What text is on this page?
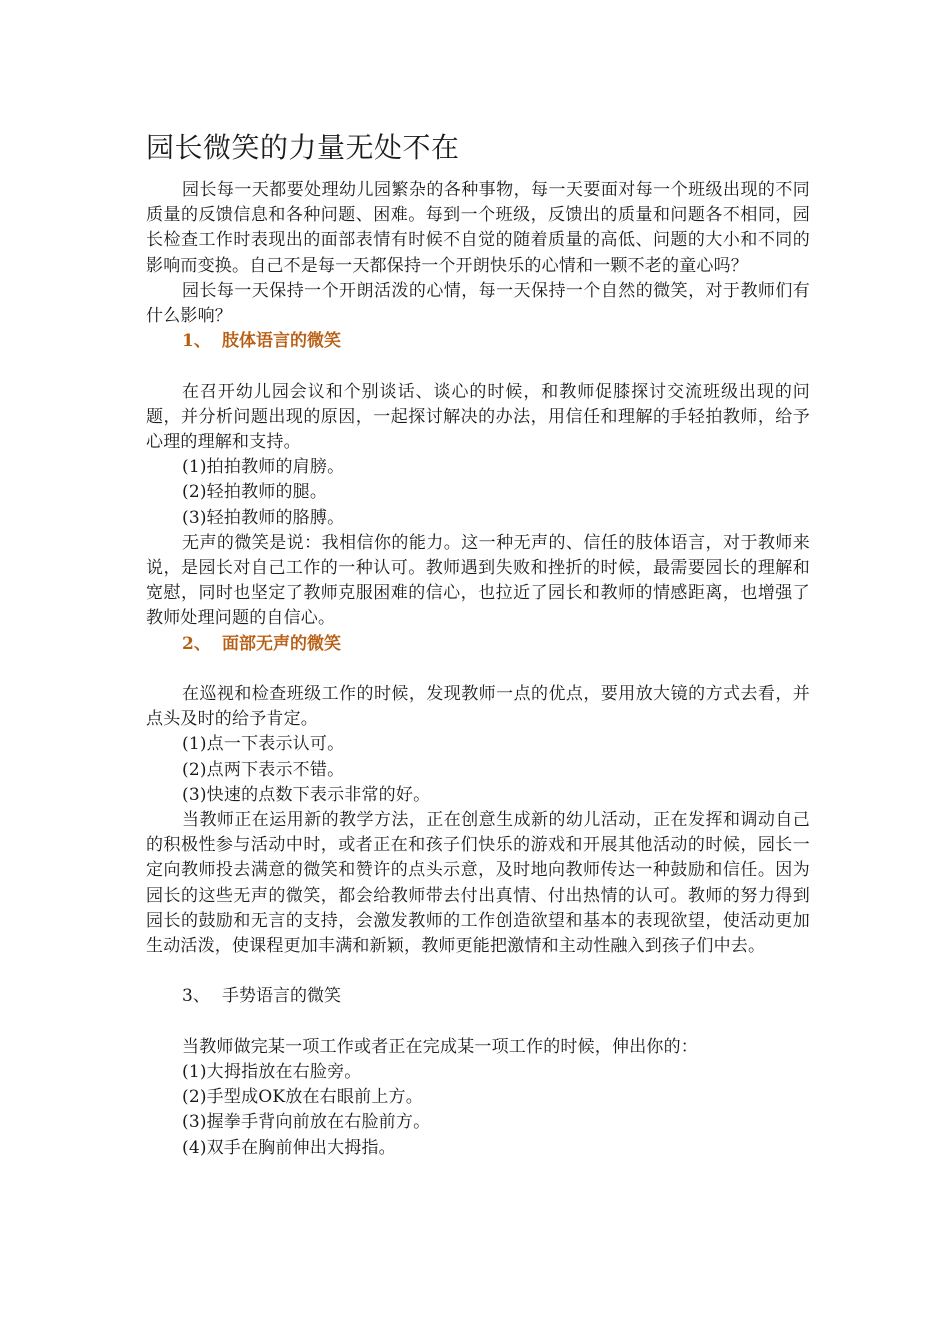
园长微笑的力量无处不在

园长每一天都要处理幼儿园繁杂的各种事物，每一天要面对每一个班级出现的不同质量的反馈信息和各种问题、困难。每到一个班级，反馈出的质量和问题各不相同，园长检查工作时表现出的面部表情有时候不自觉的随着质量的高低、问题的大小和不同的影响而变换。自己不是每一天都保持一个开朗快乐的心情和一颗不老的童心吗？

园长每一天保持一个开朗活泼的心情，每一天保持一个自然的微笑，对于教师们有什么影响？

1、 肢体语言的微笑

在召开幼儿园会议和个别谈话、谈心的时候，和教师促膝探讨交流班级出现的问题，并分析问题出现的原因，一起探讨解决的办法，用信任和理解的手轻拍教师，给予心理的理解和支持。

(1)拍拍教师的肩膀。

(2)轻拍教师的腿。

(3)轻拍教师的胳膊。

无声的微笑是说：我相信你的能力。这一种无声的、信任的肢体语言，对于教师来说，是园长对自己工作的一种认可。教师遇到失败和挫折的时候，最需要园长的理解和宽慰，同时也坚定了教师克服困难的信心，也拉近了园长和教师的情感距离，也增强了教师处理问题的自信心。

2、 面部无声的微笑

在巡视和检查班级工作的时候，发现教师一点的优点，要用放大镜的方式去看，并点头及时的给予肯定。

(1)点一下表示认可。

(2)点两下表示不错。

(3)快速的点数下表示非常的好。

当教师正在运用新的教学方法，正在创意生成新的幼儿活动，正在发挥和调动自己的积极性参与活动中时，或者正在和孩子们快乐的游戏和开展其他活动的时候，园长一定向教师投去满意的微笑和赞许的点头示意，及时地向教师传达一种鼓励和信任。因为园长的这些无声的微笑，都会给教师带去付出真情、付出热情的认可。教师的努力得到园长的鼓励和无言的支持，会激发教师的工作创造欲望和基本的表现欲望，使活动更加生动活泼，使课程更加丰满和新颖，教师更能把激情和主动性融入到孩子们中去。

3、 手势语言的微笑

当教师做完某一项工作或者正在完成某一项工作的时候，伸出你的：

(1)大拇指放在右脸旁。

(2)手型成OK放在右眼前上方。

(3)握拳手背向前放在右脸前方。

(4)双手在胸前伸出大拇指。
